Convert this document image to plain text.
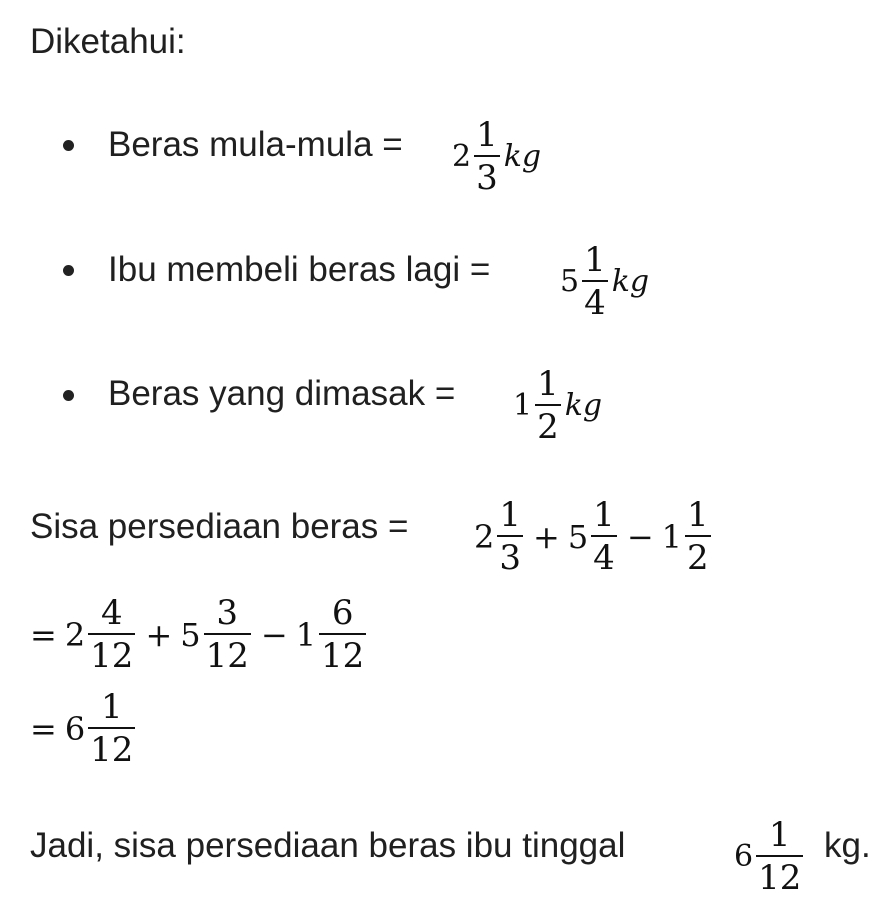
Diketahui:
Beras mula-mula = $2 \frac{1}{3}$ kg
Ibu membeli beras lagi = $5 \frac{1}{4}$ kg
Beras yang dimasak = $1 \frac{1}{2}$ kg
Sisa persediaan beras = $2 \frac{1}{3} + 5 \frac{1}{4} - 1 \frac{1}{2}$
= $2 \frac{4}{12} + 5 \frac{3}{12} - 1 \frac{6}{12}$
= $6 \frac{1}{12}$
Jadi, sisa persediaan beras ibu tinggal	$6 \frac{1}{12}$ kg.
